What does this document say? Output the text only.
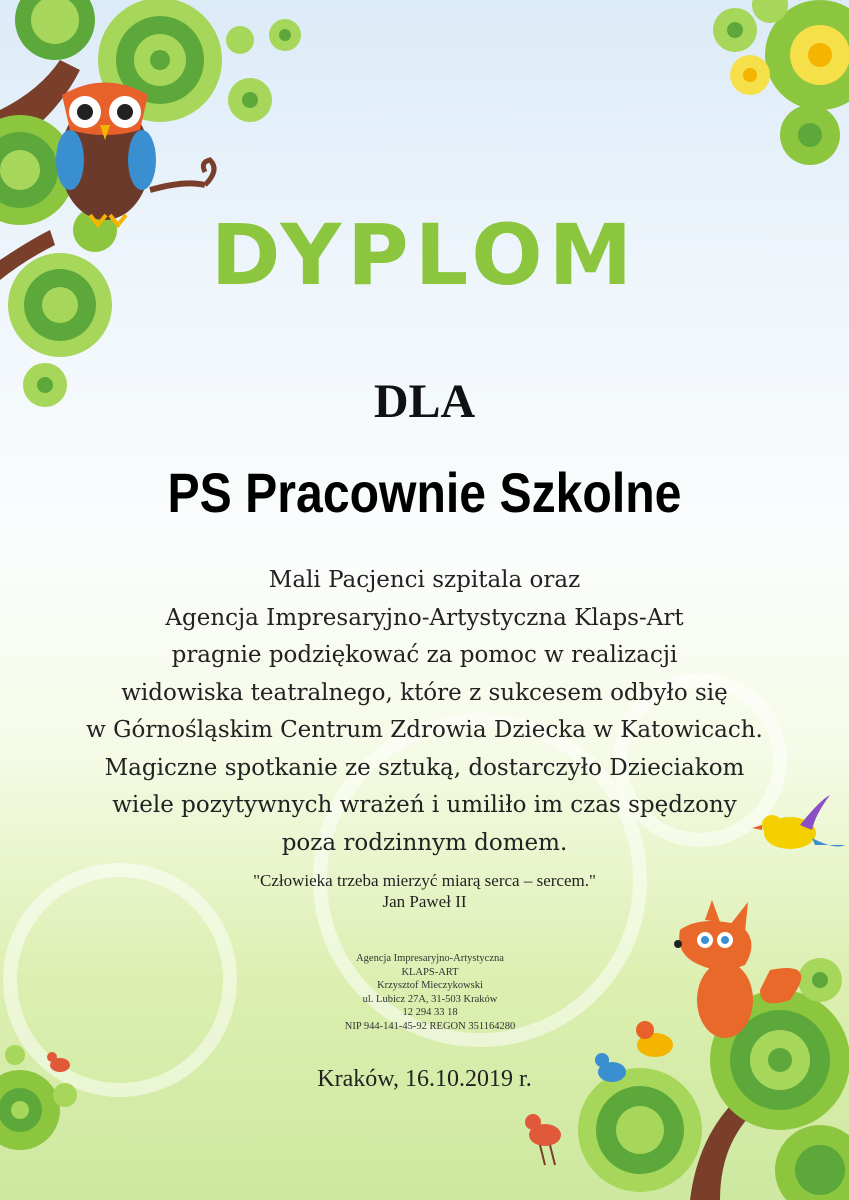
DYPLOM
DLA
PS Pracownie Szkolne
Mali Pacjenci szpitala oraz
Agencja Impresaryjno-Artystyczna Klaps-Art
pragnie podziękować za pomoc w realizacji
widowiska teatralnego, które z sukcesem odbyło się
w Górnośląskim Centrum Zdrowia Dziecka w Katowicach.
Magiczne spotkanie ze sztuką, dostarczyło Dzieciakom
wiele pozytywnych wrażeń i umiliło im czas spędzony
poza rodzinnym domem.
"Człowieka trzeba mierzyć miarą serca – sercem."
Jan Paweł II
Agencja Impresaryjno-Artystyczna
KLAPS-ART
Krzysztof Mieczykowski
ul. Lubicz 27A, 31-503 Kraków
12 294 33 18
NIP 944-141-45-92 REGON 351164280
Kraków, 16.10.2019 r.
